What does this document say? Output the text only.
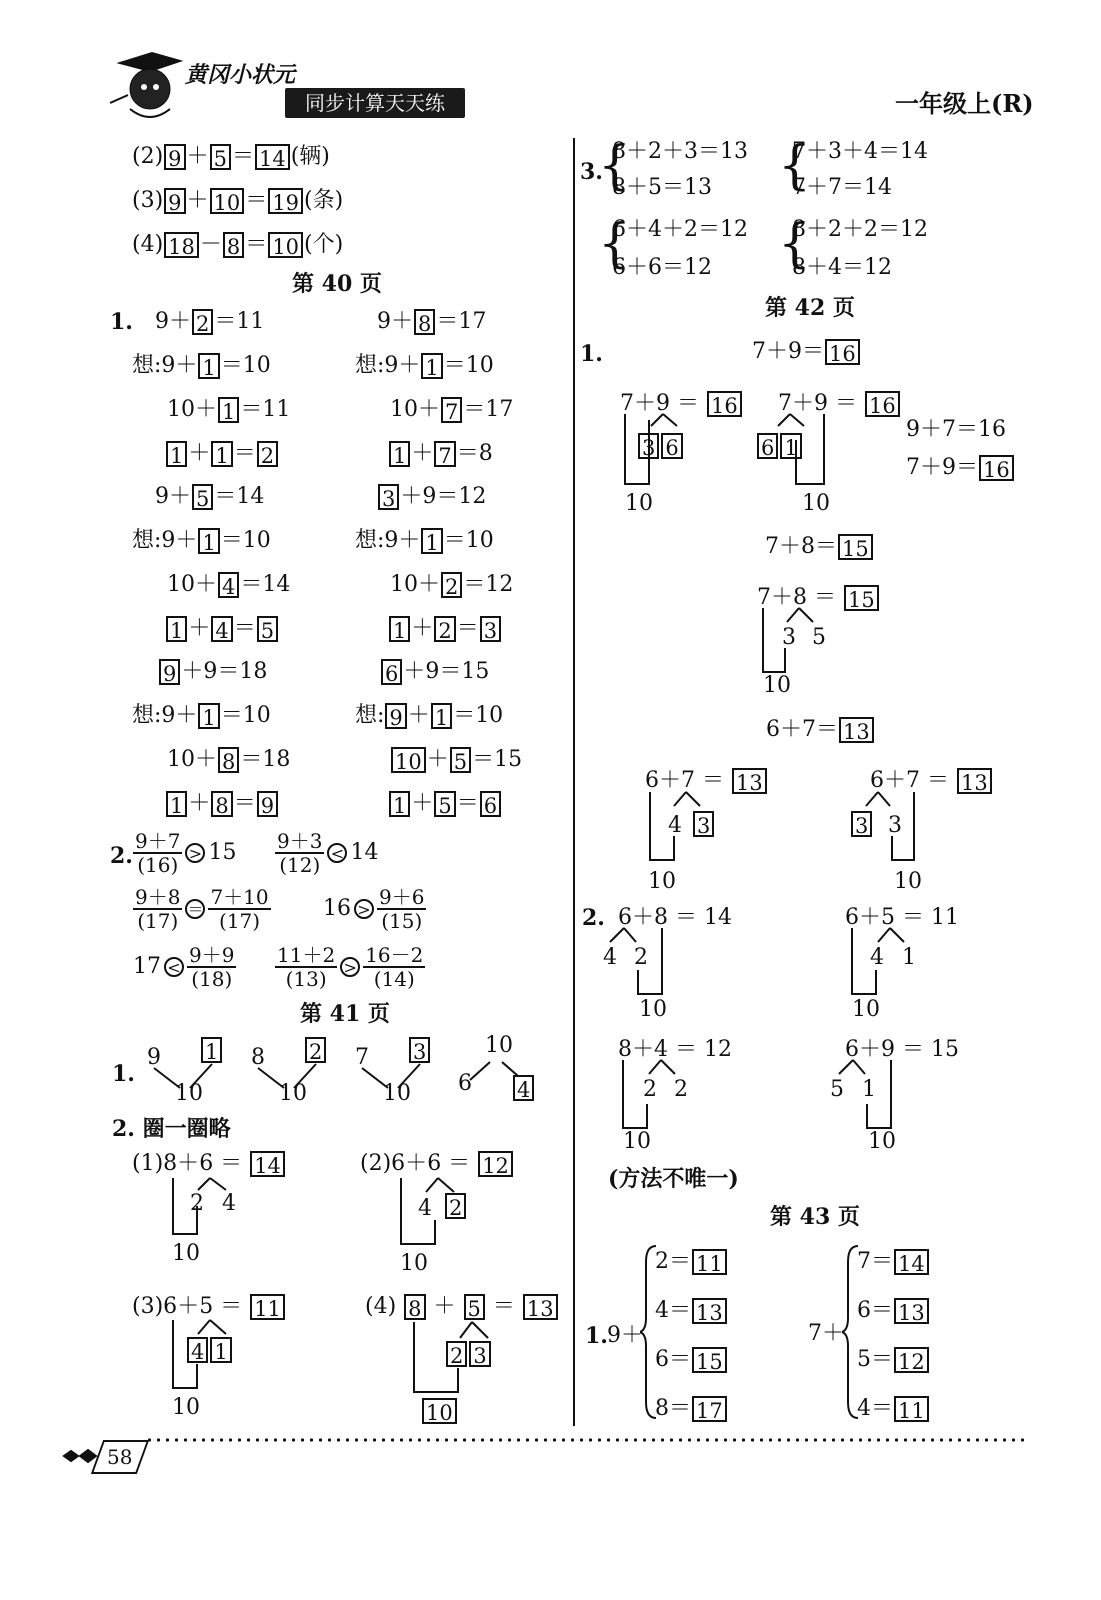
黄冈小状元
同步计算天天练	一年级上(R)
(2) 9 ＋ 5 ＝ 14 (辆)
(3) 9 ＋ 10 ＝ 19 (条)
(4) 18 － 8 ＝ 10 (个)
第 40 页
1. 9＋ 2 ＝11	9＋ 8 ＝17
想:9＋ 1 ＝10	想:9＋ 1 ＝10
10＋ 1 ＝11	10＋ 7 ＝17
1 ＋ 1 ＝ 2	1 ＋ 7 ＝8
9＋ 5 ＝14	3 ＋9＝12
想:9＋ 1 ＝10	想:9＋ 1 ＝10
10＋ 4 ＝14	10＋ 2 ＝12
1 ＋ 4 ＝ 5	1 ＋ 2 ＝ 3
9 ＋9＝18	6 ＋9＝15
想:9＋ 1 ＝10	想: 9 ＋ 1 ＝10
10＋ 8 ＝18	10 ＋ 5 ＝15
1 ＋ 8 ＝ 9	1 ＋ 5 ＝ 6
2. $\frac{9+7}{(16)} > 15 \frac{9+3}{(12)} < 14$
$\frac{9+8}{(17)} = \frac{7+10}{(17)} 16 > \frac{9+6}{(15)}$
$17 < \frac{9+9}{(18)} \frac{11+2}{(13)} > \frac{16-2}{(14)}$
第 41 页
1.
9 1
10
8 2
10
7 3
10
10
6 4
2. 圈一圈略
(1)8＋6 ＝ 14
2 4
10
(2)6＋6 ＝ 12
4 2
10
(3)6＋5 ＝ 11
4 1
10
(4) 8 ＋ 5 ＝ 13
2 3
10
3.
{
8＋2＋3＝13
8＋5＝13 {
7＋3＋4＝14
7＋7＝14
{
6＋4＋2＝12
6＋6＝12 {
8＋2＋2＝12
8＋4＝12
第 42 页
1.	7＋9＝ 16
7＋9 ＝ 16
3 6
10
7＋9 ＝ 16
6 1
10
9＋7＝16
7＋9＝ 16
7＋8＝ 15
7＋8 ＝ 15
3 5
10
6＋7＝ 13
6＋7 ＝ 13
4 3
10
6＋7 ＝ 13
3 3
10
2. 6＋8 ＝ 14
4 2
10
6＋5 ＝ 11
4 1
10
8＋4 ＝ 12
2 2
10
6＋9 ＝ 15
5 1
10
(方法不唯一)
第 43 页
1. 9＋
2＝ 11
4＝ 13
6＝ 15
8＝ 17
7＋
7＝ 14
6＝ 13
5＝ 12
4＝ 11
58
